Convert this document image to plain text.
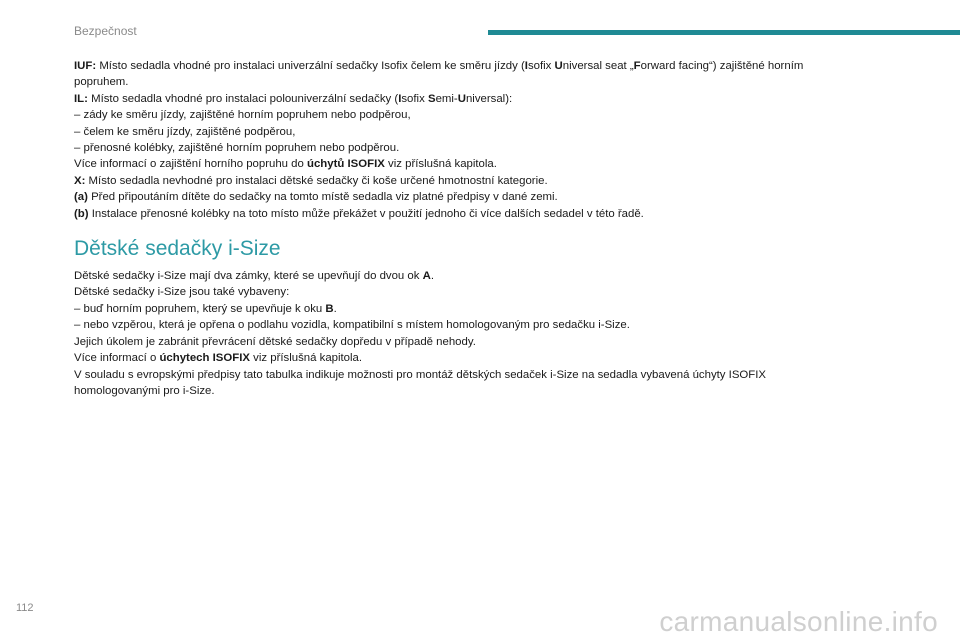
Bezpečnost

IUF: Místo sedadla vhodné pro instalaci univerzální sedačky Isofix čelem ke směru jízdy (Isofix Universal seat „Forward facing“) zajištěné horním

popruhem.

IL: Místo sedadla vhodné pro instalaci polouniverzální sedačky (Isofix Semi-Universal):

– zády ke směru jízdy, zajištěné horním popruhem nebo podpěrou,

– čelem ke směru jízdy, zajištěné podpěrou,

– přenosné kolébky, zajištěné horním popruhem nebo podpěrou.

Více informací o zajištění horního popruhu do úchytů ISOFIX viz příslušná kapitola.

X: Místo sedadla nevhodné pro instalaci dětské sedačky či koše určené hmotnostní kategorie.

(a) Před připoutáním dítěte do sedačky na tomto místě sedadla viz platné předpisy v dané zemi.

(b) Instalace přenosné kolébky na toto místo může překážet v použití jednoho či více dalších sedadel v této řadě.

Dětské sedačky i-Size

Dětské sedačky i-Size mají dva zámky, které se upevňují do dvou ok A.

Dětské sedačky i-Size jsou také vybaveny:

– buď horním popruhem, který se upevňuje k oku B.

– nebo vzpěrou, která je opřena o podlahu vozidla, kompatibilní s místem homologovaným pro sedačku i-Size.

Jejich úkolem je zabránit převrácení dětské sedačky dopředu v případě nehody.

Více informací o úchytech ISOFIX viz příslušná kapitola.

V souladu s evropskými předpisy tato tabulka indikuje možnosti pro montáž dětských sedaček i-Size na sedadla vybavená úchyty ISOFIX

homologovanými pro i-Size.

112	carmanualsonline.info
